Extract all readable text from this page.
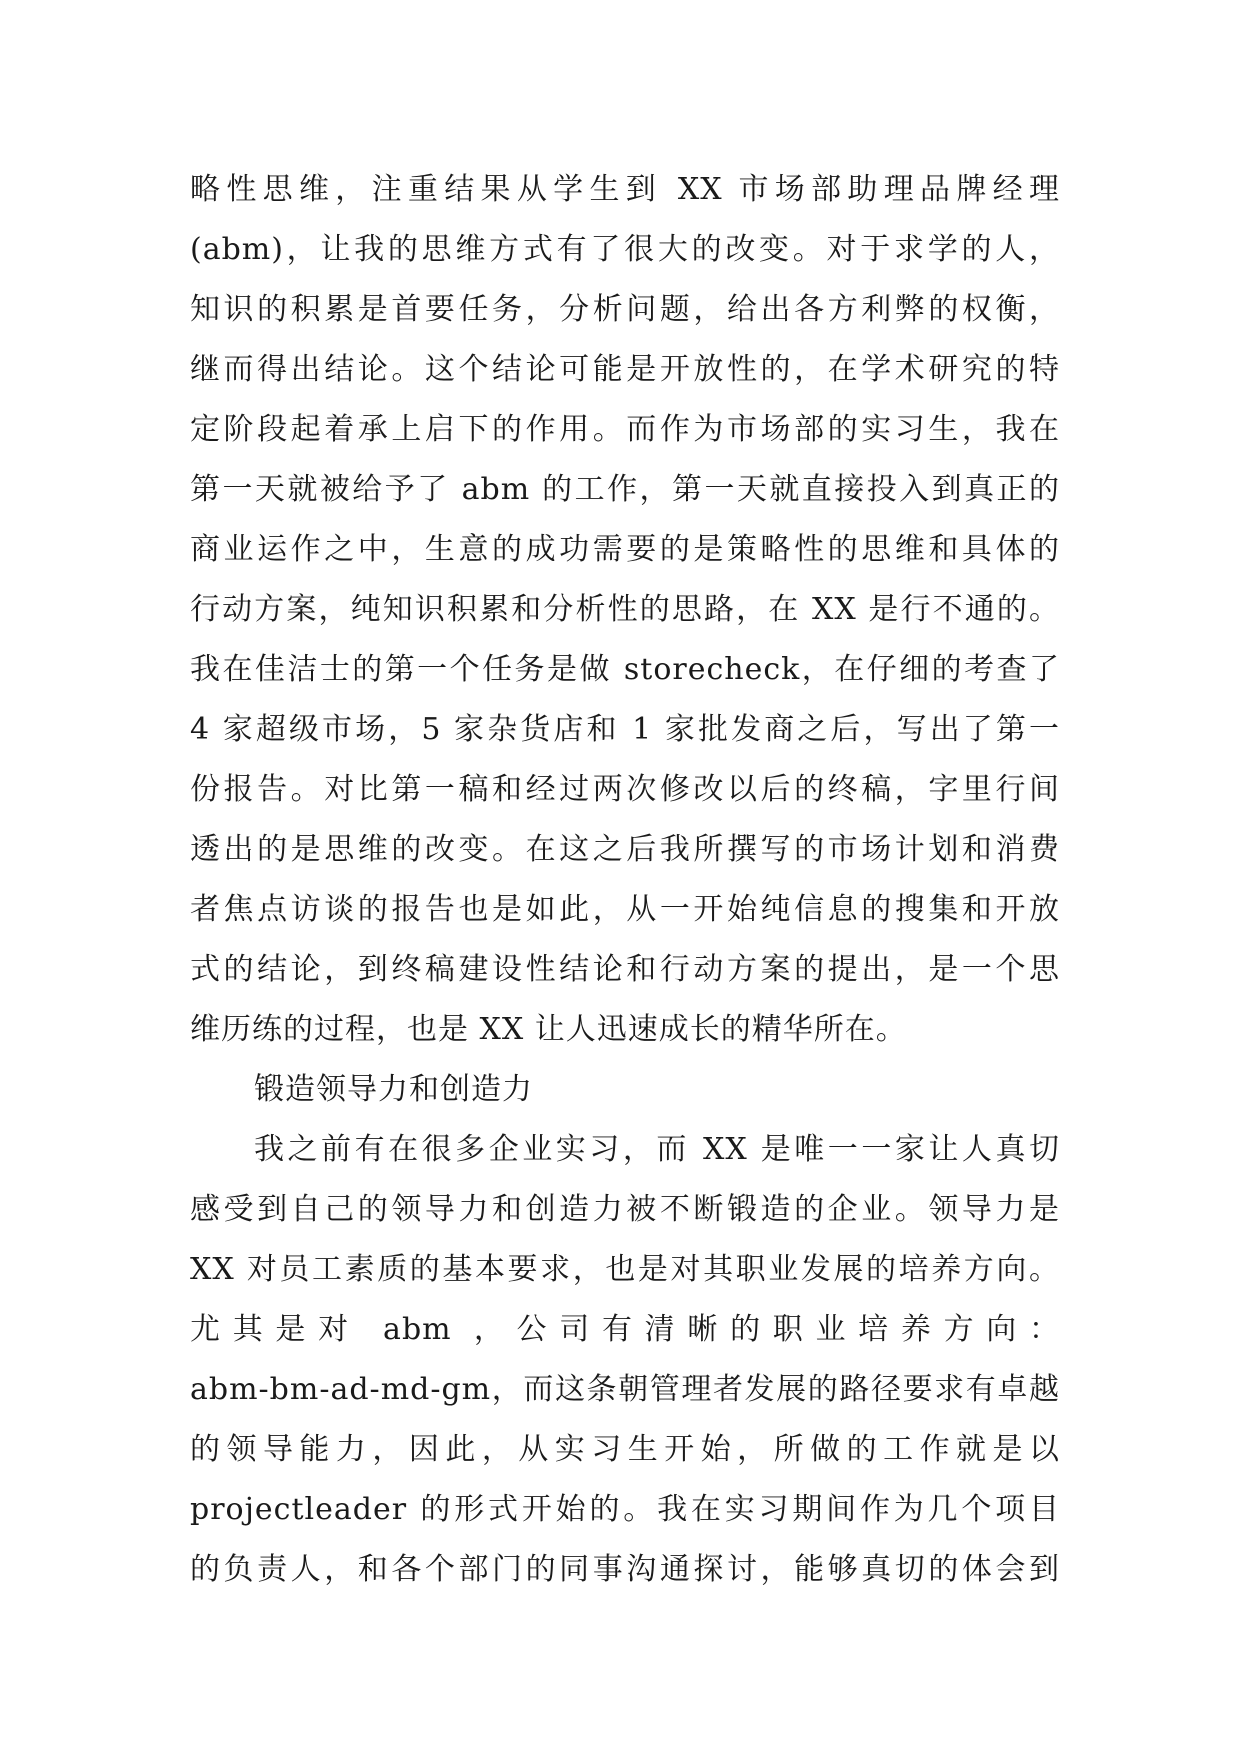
略性思维，注重结果从学生到 XX 市场部助理品牌经理
(abm)，让我的思维方式有了很大的改变。对于求学的人，
知识的积累是首要任务，分析问题，给出各方利弊的权衡，
继而得出结论。这个结论可能是开放性的，在学术研究的特
定阶段起着承上启下的作用。而作为市场部的实习生，我在
第一天就被给予了 abm 的工作，第一天就直接投入到真正的
商业运作之中，生意的成功需要的是策略性的思维和具体的
行动方案，纯知识积累和分析性的思路，在 XX 是行不通的。
我在佳洁士的第一个任务是做 storecheck，在仔细的考查了
4 家超级市场，5 家杂货店和 1 家批发商之后，写出了第一
份报告。对比第一稿和经过两次修改以后的终稿，字里行间
透出的是思维的改变。在这之后我所撰写的市场计划和消费
者焦点访谈的报告也是如此，从一开始纯信息的搜集和开放
式的结论，到终稿建设性结论和行动方案的提出，是一个思
维历练的过程，也是 XX 让人迅速成长的精华所在。
锻造领导力和创造力
我之前有在很多企业实习，而 XX 是唯一一家让人真切
感受到自己的领导力和创造力被不断锻造的企业。领导力是
XX 对员工素质的基本要求，也是对其职业发展的培养方向。
尤其是对 abm ，公司有清晰的职业培养方向：
abm-bm-ad-md-gm，而这条朝管理者发展的路径要求有卓越
的领导能力，因此，从实习生开始，所做的工作就是以
projectleader 的形式开始的。我在实习期间作为几个项目
的负责人，和各个部门的同事沟通探讨，能够真切的体会到
